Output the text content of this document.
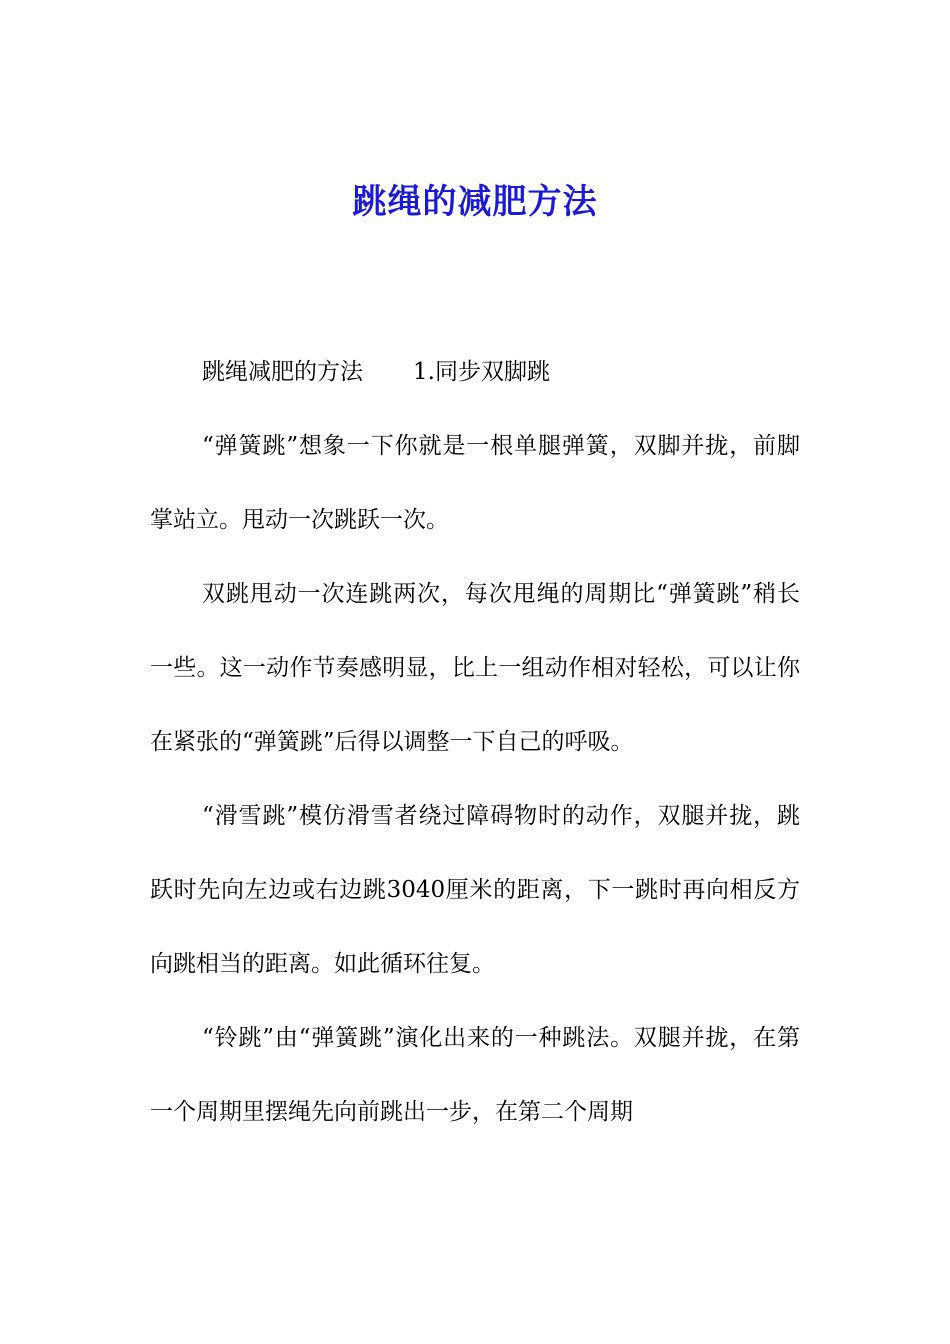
跳绳的减肥方法

跳绳减肥的方法 1.同步双脚跳

“弹簧跳”想象一下你就是一根单腿弹簧，双脚并拢，前脚掌站立。甩动一次跳跃一次。

双跳甩动一次连跳两次，每次甩绳的周期比“弹簧跳”稍长一些。这一动作节奏感明显，比上一组动作相对轻松，可以让你在紧张的“弹簧跳”后得以调整一下自己的呼吸。

“滑雪跳”模仿滑雪者绕过障碍物时的动作，双腿并拢，跳跃时先向左边或右边跳3040厘米的距离，下一跳时再向相反方向跳相当的距离。如此循环往复。

“铃跳”由“弹簧跳”演化出来的一种跳法。双腿并拢，在第一个周期里摆绳先向前跳出一步，在第二个周期
